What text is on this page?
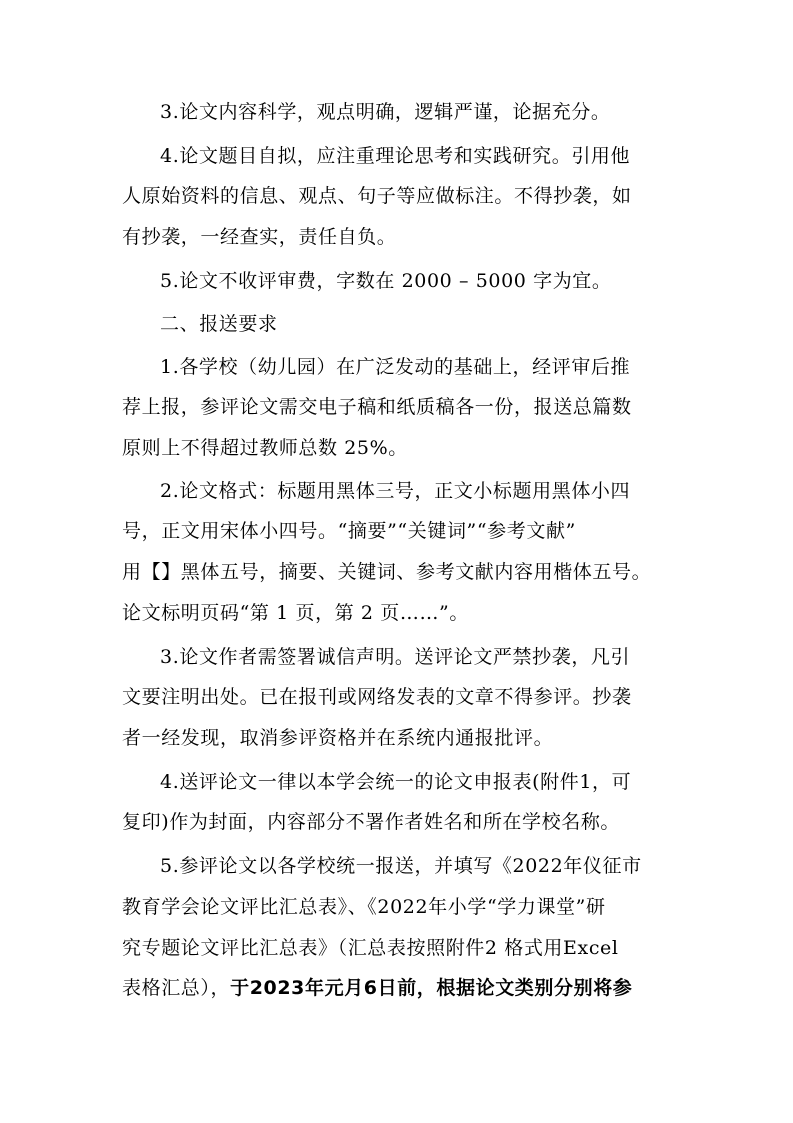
3.论文内容科学，观点明确，逻辑严谨，论据充分。
4.论文题目自拟，应注重理论思考和实践研究。引用他
人原始资料的信息、观点、句子等应做标注。不得抄袭，如
有抄袭，一经查实，责任自负。
5.论文不收评审费，字数在 2000 – 5000 字为宜。
二、报送要求
1.各学校（幼儿园）在广泛发动的基础上，经评审后推
荐上报，参评论文需交电子稿和纸质稿各一份，报送总篇数
原则上不得超过教师总数 25%。
2.论文格式：标题用黑体三号，正文小标题用黑体小四
号，正文用宋体小四号。“摘要”“关键词”“参考文献”
用【】黑体五号，摘要、关键词、参考文献内容用楷体五号。
论文标明页码“第 1 页，第 2 页……”。
3.论文作者需签署诚信声明。送评论文严禁抄袭，凡引
文要注明出处。已在报刊或网络发表的文章不得参评。抄袭
者一经发现，取消参评资格并在系统内通报批评。
4.送评论文一律以本学会统一的论文申报表(附件1，可
复印)作为封面，内容部分不署作者姓名和所在学校名称。
5.参评论文以各学校统一报送，并填写《2022年仪征市
教育学会论文评比汇总表》、《2022年小学“学力课堂”研
究专题论文评比汇总表》（汇总表按照附件2 格式用Excel
表格汇总），于2023年元月6日前，根据论文类别分别将参
